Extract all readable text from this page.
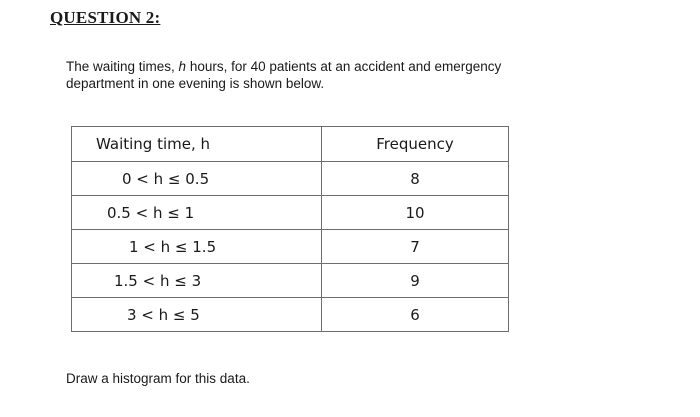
QUESTION 2:
The waiting times, h hours, for 40 patients at an accident and emergency
department in one evening is shown below.
Waiting time, h	Frequency
0 < h ≤ 0.5	8
0.5 < h ≤ 1	10
1 < h ≤ 1.5	7
1.5 < h ≤ 3	9
3 < h ≤ 5	6
Draw a histogram for this data.
